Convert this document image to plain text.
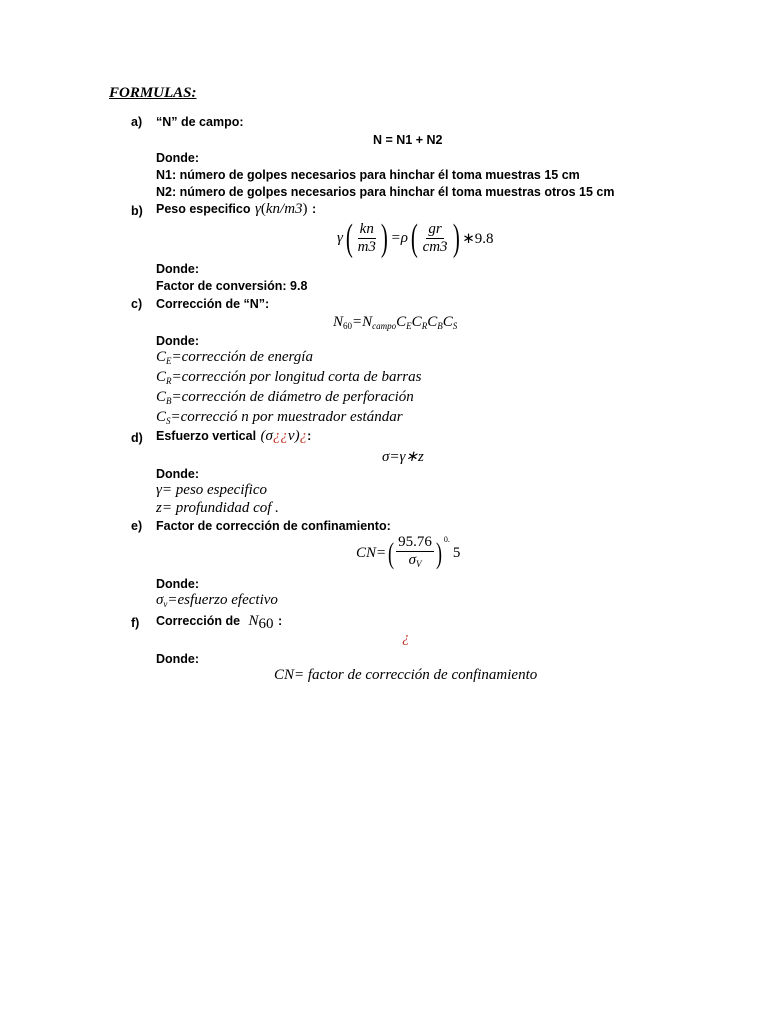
FORMULAS:
a) “N” de campo:
N = N1 + N2
Donde:
N1: número de golpes necesarios para hinchar él toma muestras 15 cm
N2: número de golpes necesarios para hinchar él toma muestras otros 15 cm
b) Peso especifico γ(kn/m3) :
γ ( $\frac{kn}{m3}$ ) =ρ ( $\frac{gr}{cm3}$ ) ∗9.8
Donde:
Factor de conversión: 9.8
c) Corrección de “N”:
$N_{60}=N_{campo}C_EC_RC_BC_S$
Donde:
$C_E=corrección$ de energía
$C_R=corrección$ por longitud corta de barras
$C_B=corrección$ de diámetro de perforación
$C_S=correcció$ n por muestrador estándar
d) Esfuerzo vertical (σ¿¿v)¿:
σ=γ∗z
Donde:
γ= peso especifico
z= profundidad cof .
e) Factor de corrección de confinamiento:
CN= ( $\frac{95.76}{\sigma_V}$ ) 0.
5
Donde:
$\sigma_v=esfuerzo$ efectivo
f) Corrección de $N_{60}$ :
¿
Donde:
CN= factor de corrección de confinamiento
